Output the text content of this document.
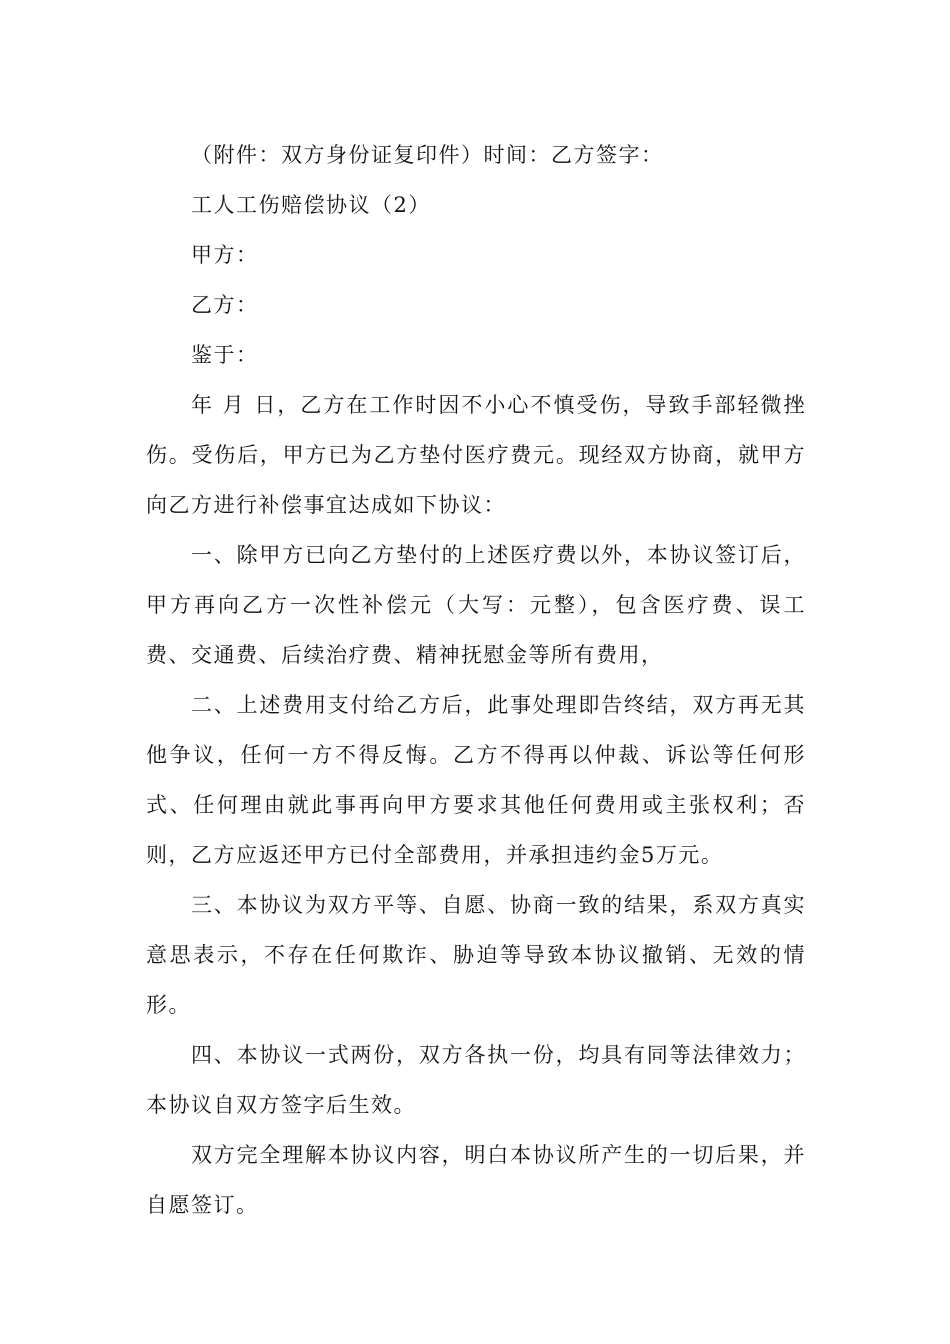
（附件：双方身份证复印件）时间：乙方签字：

工人工伤赔偿协议（2）

甲方：

乙方：

鉴于：

年 月 日，乙方在工作时因不小心不慎受伤，导致手部轻微挫伤。受伤后，甲方已为乙方垫付医疗费元。现经双方协商，就甲方向乙方进行补偿事宜达成如下协议：

一、除甲方已向乙方垫付的上述医疗费以外，本协议签订后，甲方再向乙方一次性补偿元（大写：元整），包含医疗费、误工费、交通费、后续治疗费、精神抚慰金等所有费用，

二、上述费用支付给乙方后，此事处理即告终结，双方再无其他争议，任何一方不得反悔。乙方不得再以仲裁、诉讼等任何形式、任何理由就此事再向甲方要求其他任何费用或主张权利；否则，乙方应返还甲方已付全部费用，并承担违约金5万元。

三、本协议为双方平等、自愿、协商一致的结果，系双方真实意思表示，不存在任何欺诈、胁迫等导致本协议撤销、无效的情形。

四、本协议一式两份，双方各执一份，均具有同等法律效力；本协议自双方签字后生效。

双方完全理解本协议内容，明白本协议所产生的一切后果，并自愿签订。
